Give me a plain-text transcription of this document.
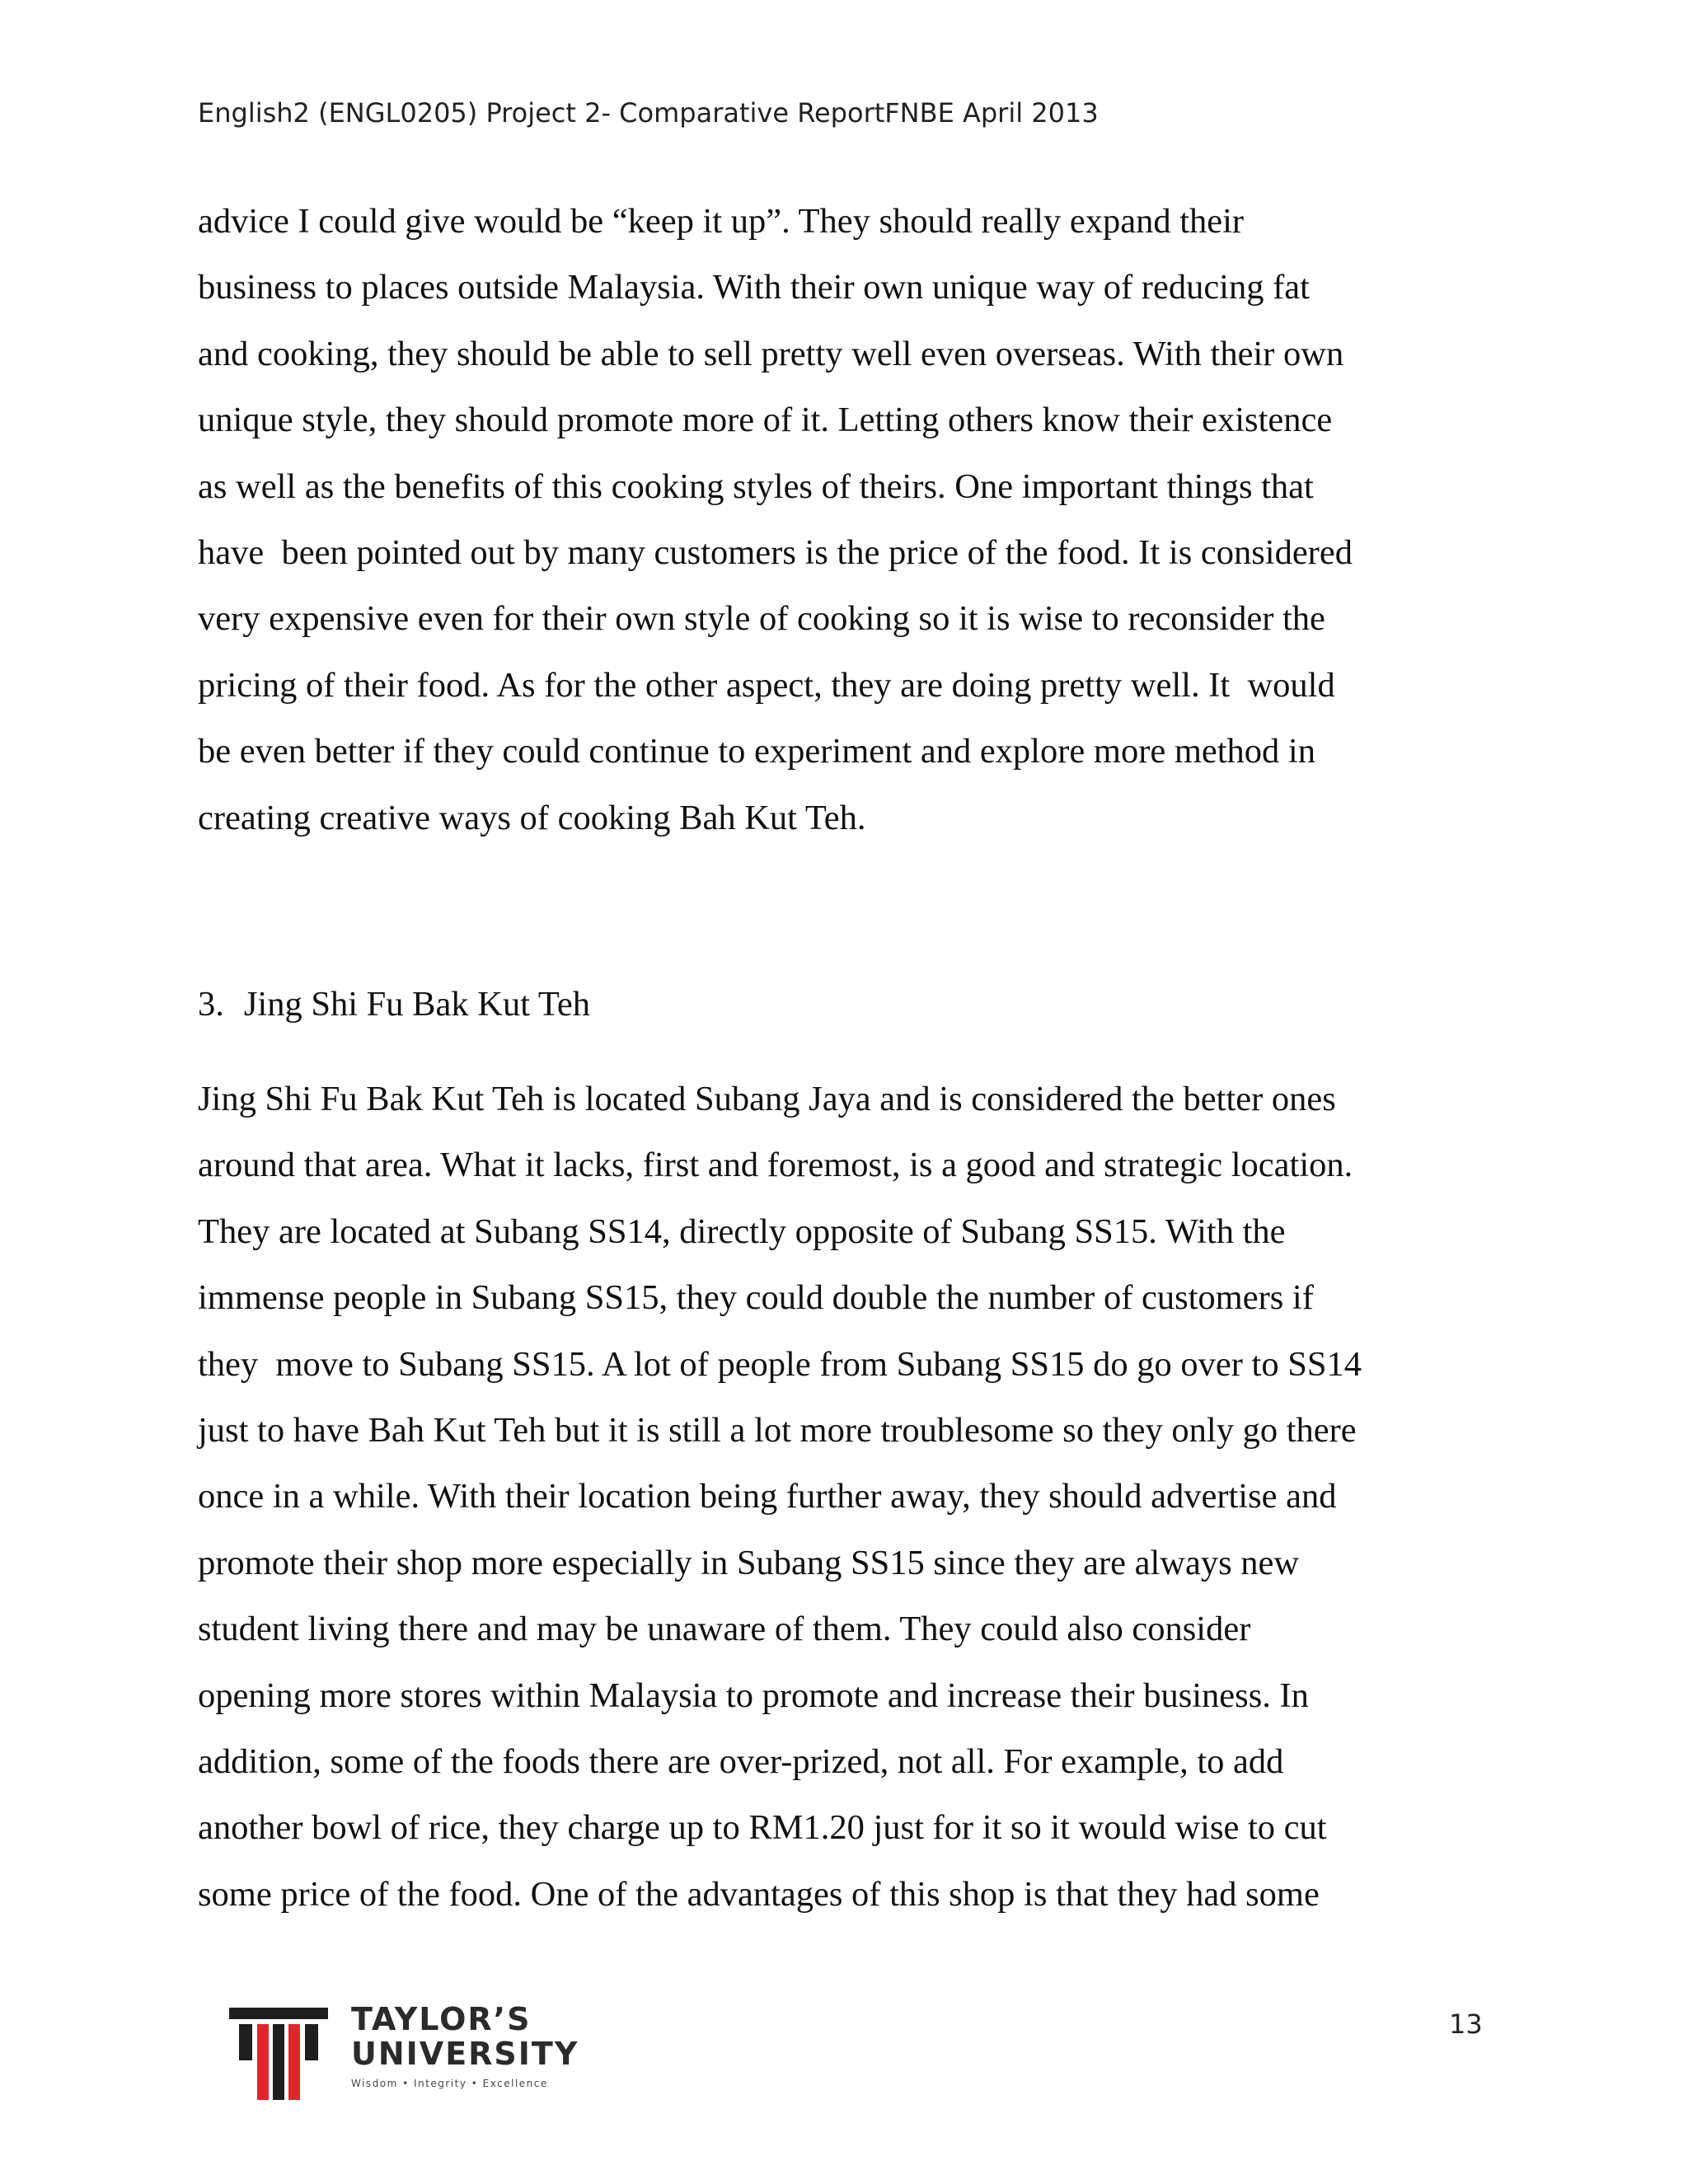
English2 (ENGL0205) Project 2- Comparative ReportFNBE April 2013
advice I could give would be “keep it up”. They should really expand their
business to places outside Malaysia. With their own unique way of reducing fat
and cooking, they should be able to sell pretty well even overseas. With their own
unique style, they should promote more of it. Letting others know their existence
as well as the benefits of this cooking styles of theirs. One important things that
have  been pointed out by many customers is the price of the food. It is considered
very expensive even for their own style of cooking so it is wise to reconsider the
pricing of their food. As for the other aspect, they are doing pretty well. It  would
be even better if they could continue to experiment and explore more method in
creating creative ways of cooking Bah Kut Teh.
3. Jing Shi Fu Bak Kut Teh
Jing Shi Fu Bak Kut Teh is located Subang Jaya and is considered the better ones
around that area. What it lacks, first and foremost, is a good and strategic location.
They are located at Subang SS14, directly opposite of Subang SS15. With the
immense people in Subang SS15, they could double the number of customers if
they  move to Subang SS15. A lot of people from Subang SS15 do go over to SS14
just to have Bah Kut Teh but it is still a lot more troublesome so they only go there
once in a while. With their location being further away, they should advertise and
promote their shop more especially in Subang SS15 since they are always new
student living there and may be unaware of them. They could also consider
opening more stores within Malaysia to promote and increase their business. In
addition, some of the foods there are over-prized, not all. For example, to add
another bowl of rice, they charge up to RM1.20 just for it so it would wise to cut
some price of the food. One of the advantages of this shop is that they had some
TAYLOR’S
UNIVERSITY
Wisdom • Integrity • Excellence
13
